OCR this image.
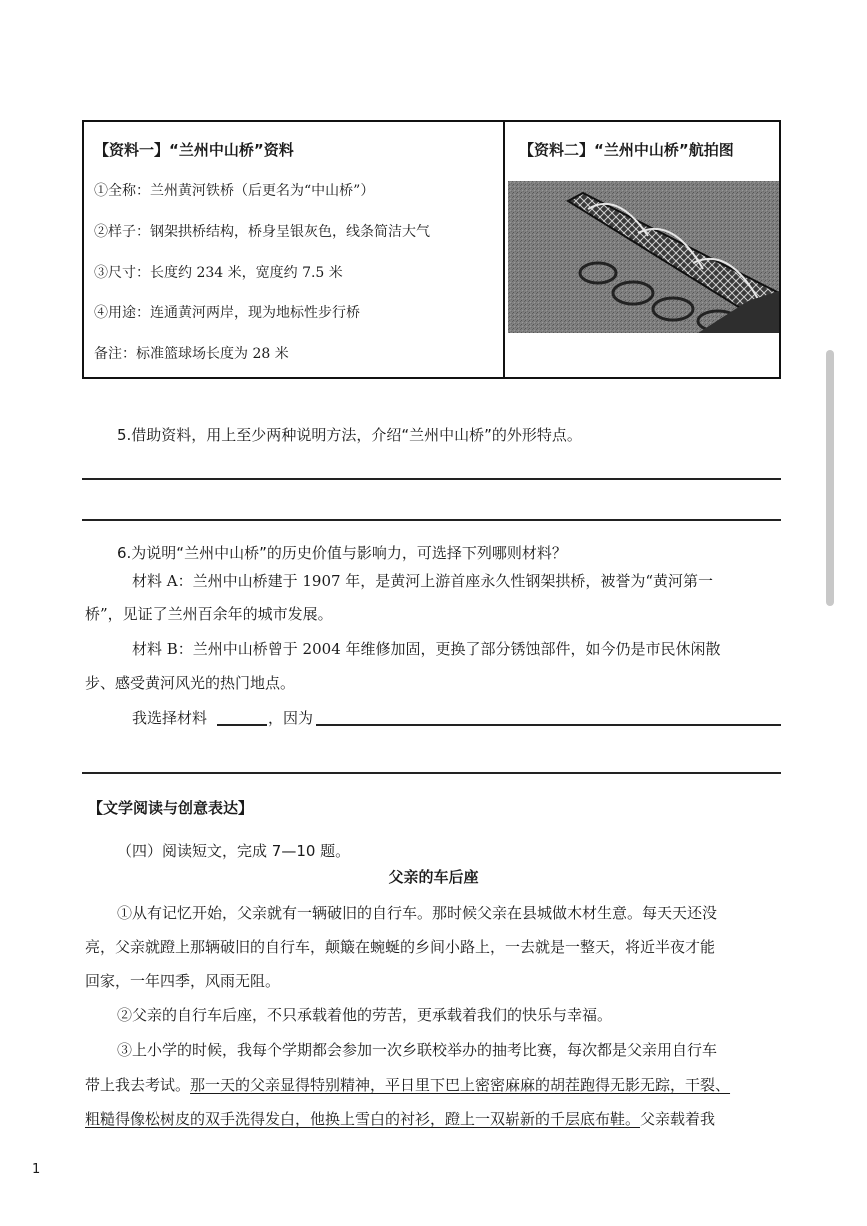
【资料一】“兰州中山桥”资料
①全称：兰州黄河铁桥（后更名为“中山桥”）
②样子：钢架拱桥结构，桥身呈银灰色，线条简洁大气
③尺寸：长度约 234 米，宽度约 7.5 米
④用途：连通黄河两岸，现为地标性步行桥
备注：标准篮球场长度为 28 米
【资料二】“兰州中山桥”航拍图
5.借助资料，用上至少两种说明方法，介绍“兰州中山桥”的外形特点。
6.为说明“兰州中山桥”的历史价值与影响力，可选择下列哪则材料？
材料 A：兰州中山桥建于 1907 年，是黄河上游首座永久性钢架拱桥，被誉为“黄河第一
桥”，见证了兰州百余年的城市发展。
材料 B：兰州中山桥曾于 2004 年维修加固，更换了部分锈蚀部件，如今仍是市民休闲散
步、感受黄河风光的热门地点。
我选择材料	，因为
【文学阅读与创意表达】
（四）阅读短文，完成 7—10 题。
父亲的车后座
①从有记忆开始，父亲就有一辆破旧的自行车。那时候父亲在县城做木材生意。每天天还没
亮，父亲就蹬上那辆破旧的自行车，颠簸在蜿蜒的乡间小路上，一去就是一整天，将近半夜才能
回家，一年四季，风雨无阻。
②父亲的自行车后座，不只承载着他的劳苦，更承载着我们的快乐与幸福。
③上小学的时候，我每个学期都会参加一次乡联校举办的抽考比赛，每次都是父亲用自行车
带上我去考试。那一天的父亲显得特别精神，平日里下巴上密密麻麻的胡茬跑得无影无踪，干裂、
粗糙得像松树皮的双手洗得发白，他换上雪白的衬衫，蹬上一双崭新的千层底布鞋。父亲载着我
1
